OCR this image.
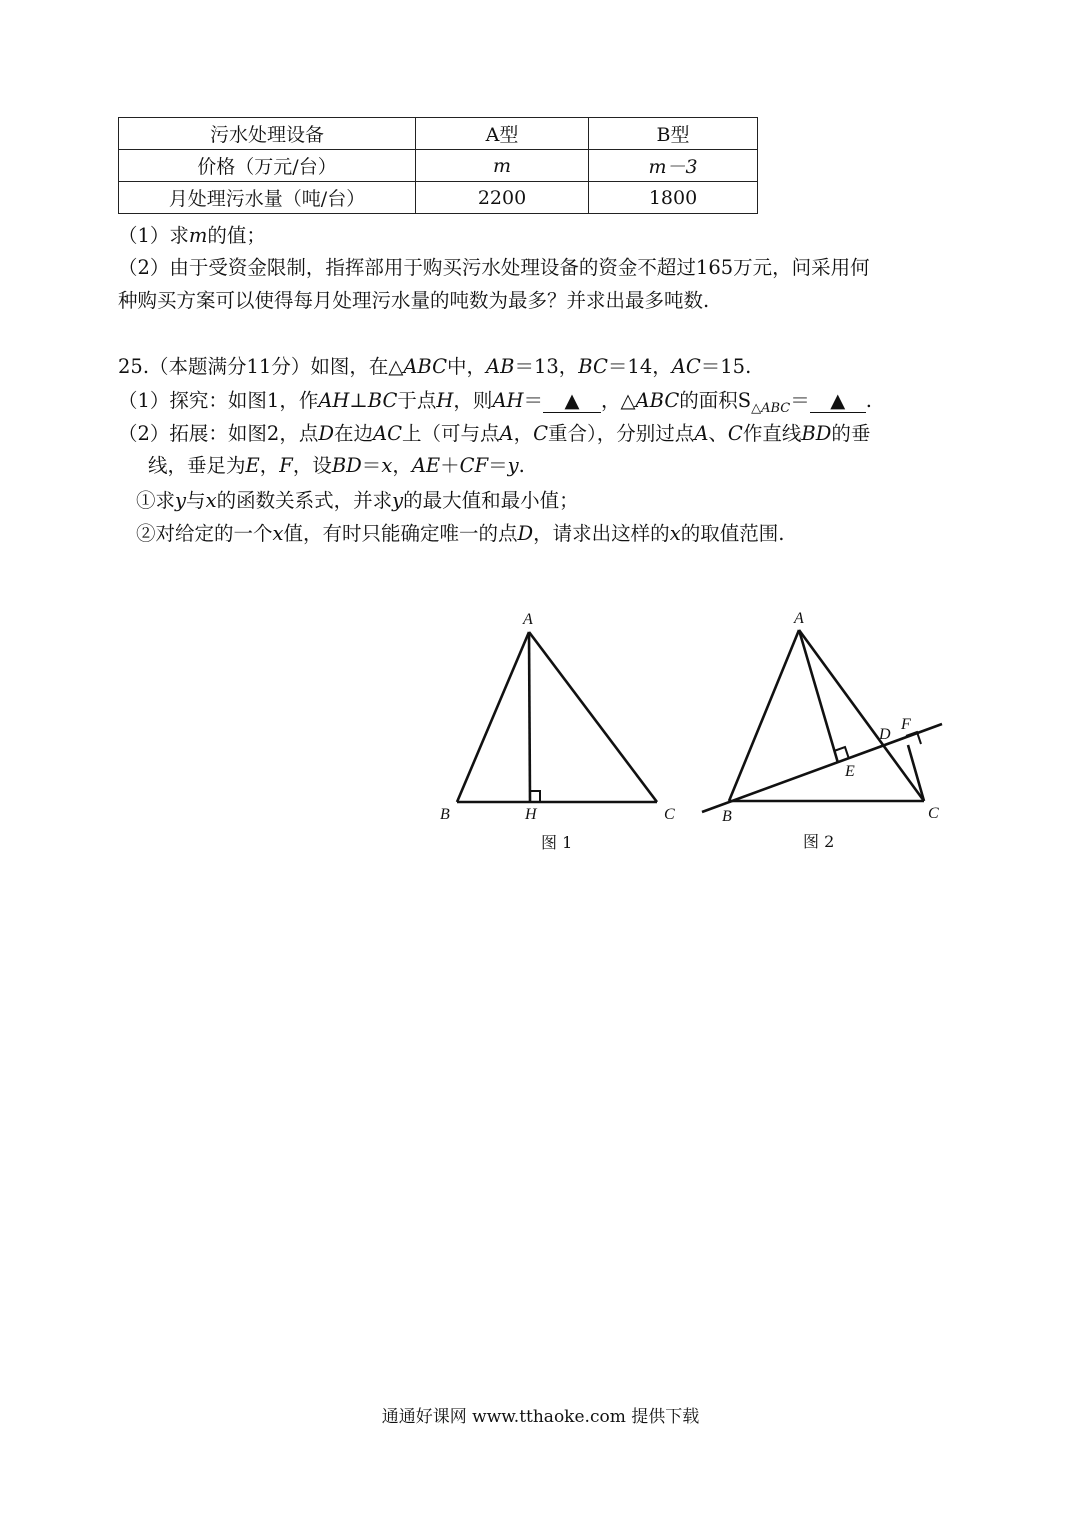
污水处理设备	A型	B型
价格（万元/台）	m	m－3
月处理污水量（吨/台）	2200	1800
（1）求m的值；
（2）由于受资金限制，指挥部用于购买污水处理设备的资金不超过165万元，问采用何
种购买方案可以使得每月处理污水量的吨数为最多？并求出最多吨数.
25.（本题满分11分）如图，在△ABC中，AB＝13，BC＝14，AC＝15.
（1）探究：如图1，作AH⊥BC于点H，则AH＝ ▲ ，△ABC的面积$S_{\triangle ABC}=$ ▲ .
（2）拓展：如图2，点D在边AC上（可与点A，C重合），分别过点A、C作直线BD的垂
线，垂足为E，F，设BD＝x，AE＋CF＝y.
①求y与x的函数关系式，并求y的最大值和最小值；
②对给定的一个x值，有时只能确定唯一的点D，请求出这样的x的取值范围.
A
B	H	C
图 1
A
B	C
D
E
F
图 2
通通好课网 www.tthaoke.com 提供下载
